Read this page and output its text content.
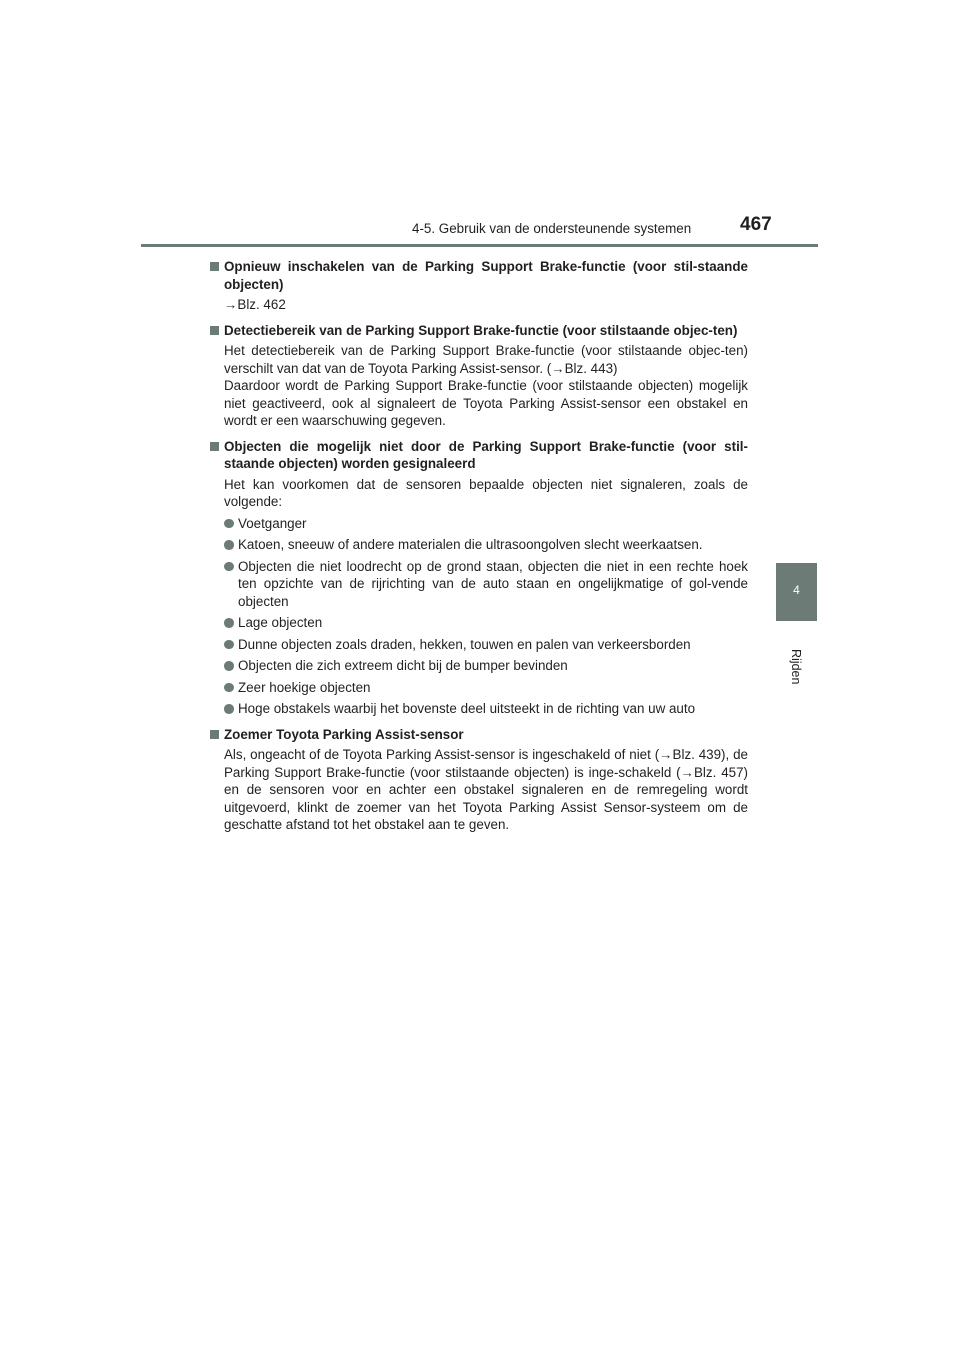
4-5. Gebruik van de ondersteunende systemen	467
4
Rijden
Opnieuw inschakelen van de Parking Support Brake-functie (voor stil-staande objecten)
→Blz. 462
Detectiebereik van de Parking Support Brake-functie (voor stilstaande objec-ten)
Het detectiebereik van de Parking Support Brake-functie (voor stilstaande objec-ten) verschilt van dat van de Toyota Parking Assist-sensor. (→Blz. 443)
Daardoor wordt de Parking Support Brake-functie (voor stilstaande objecten) mogelijk niet geactiveerd, ook al signaleert de Toyota Parking Assist-sensor een obstakel en wordt er een waarschuwing gegeven.
Objecten die mogelijk niet door de Parking Support Brake-functie (voor stil-staande objecten) worden gesignaleerd
Het kan voorkomen dat de sensoren bepaalde objecten niet signaleren, zoals de volgende:
Voetganger
Katoen, sneeuw of andere materialen die ultrasoongolven slecht weerkaatsen.
Objecten die niet loodrecht op de grond staan, objecten die niet in een rechte hoek ten opzichte van de rijrichting van de auto staan en ongelijkmatige of gol-vende objecten
Lage objecten
Dunne objecten zoals draden, hekken, touwen en palen van verkeersborden
Objecten die zich extreem dicht bij de bumper bevinden
Zeer hoekige objecten
Hoge obstakels waarbij het bovenste deel uitsteekt in de richting van uw auto
Zoemer Toyota Parking Assist-sensor
Als, ongeacht of de Toyota Parking Assist-sensor is ingeschakeld of niet (→Blz. 439), de Parking Support Brake-functie (voor stilstaande objecten) is inge-schakeld (→Blz. 457) en de sensoren voor en achter een obstakel signaleren en de remregeling wordt uitgevoerd, klinkt de zoemer van het Toyota Parking Assist Sensor-systeem om de geschatte afstand tot het obstakel aan te geven.
